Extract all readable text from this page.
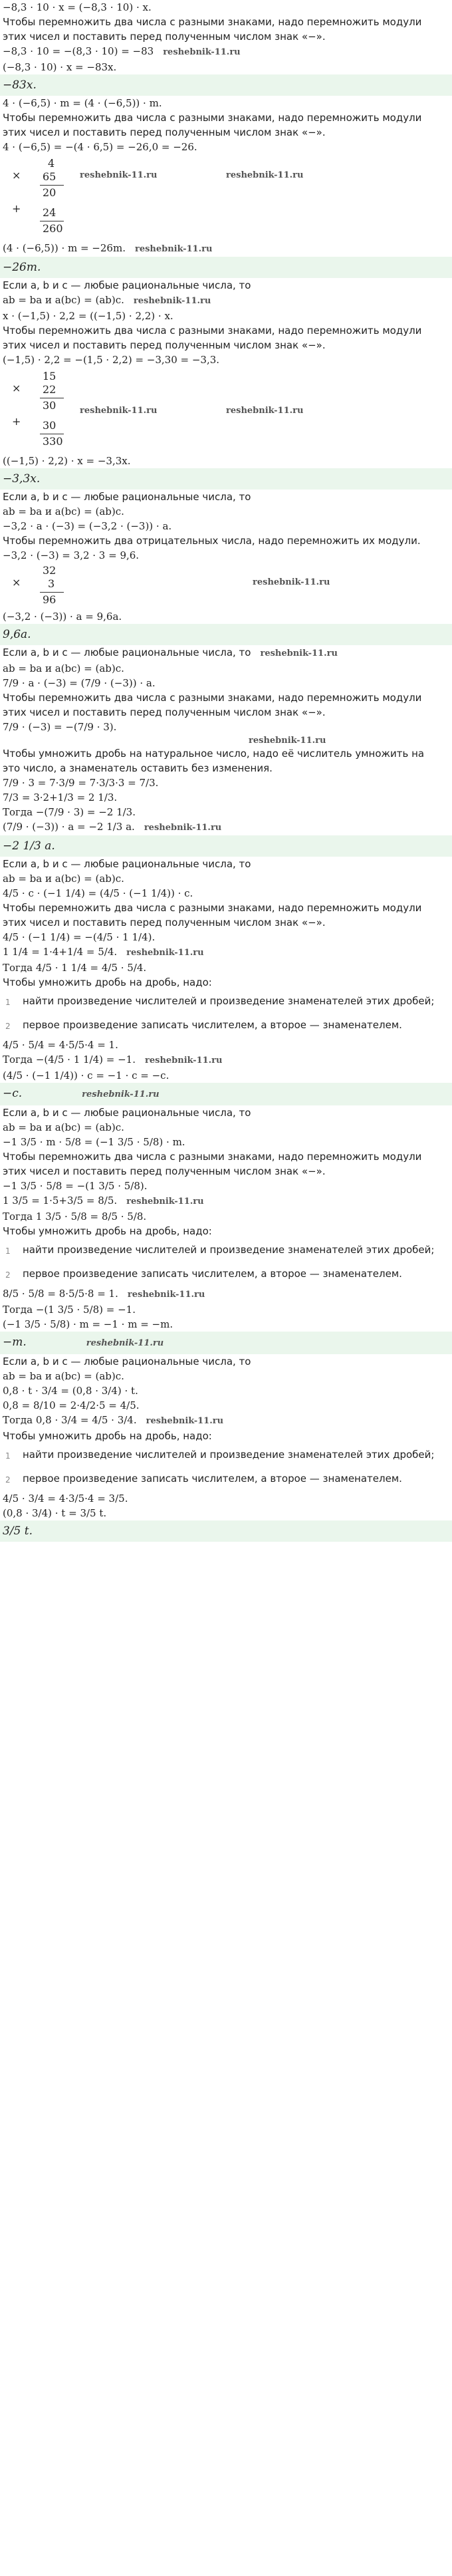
−8,3 · 10 · x = (−8,3 · 10) · x.
Чтобы перемножить два числа с разными знаками, надо перемножить модули
этих чисел и поставить перед полученным числом знак «−».
−8,3 · 10 = −(8,3 · 10) = −83 reshebnik-11.ru
(−8,3 · 10) · x = −83x.
−83x.
4 · (−6,5) · m = (4 · (−6,5)) · m.
Чтобы перемножить два числа с разными знаками, надо перемножить модули
этих чисел и поставить перед полученным числом знак «−».
4 · (−6,5) = −(4 · 6,5) = −26,0 = −26.
×
4
65
20
+ 24
260
reshebnik-11.ru	reshebnik-11.ru
(4 · (−6,5)) · m = −26m. reshebnik-11.ru
−26m.
Если a, b и c — любые рациональные числа, то
ab = ba и a(bc) = (ab)c. reshebnik-11.ru
x · (−1,5) · 2,2 = ((−1,5) · 2,2) · x.
Чтобы перемножить два числа с разными знаками, надо перемножить модули
этих чисел и поставить перед полученным числом знак «−».
(−1,5) · 2,2 = −(1,5 · 2,2) = −3,30 = −3,3.
×
15
22
30
+ 30
330
reshebnik-11.ru	reshebnik-11.ru
((−1,5) · 2,2) · x = −3,3x.
−3,3x.
Если a, b и c — любые рациональные числа, то
ab = ba и a(bc) = (ab)c.
−3,2 · a · (−3) = (−3,2 · (−3)) · a.
Чтобы перемножить два отрицательных числа, надо перемножить их модули.
−3,2 · (−3) = 3,2 · 3 = 9,6.
×
32
3
96
reshebnik-11.ru
(−3,2 · (−3)) · a = 9,6a.
9,6a.
Если a, b и c — любые рациональные числа, то reshebnik-11.ru
ab = ba и a(bc) = (ab)c.
7/9 · a · (−3) = (7/9 · (−3)) · a.
Чтобы перемножить два числа с разными знаками, надо перемножить модули
этих чисел и поставить перед полученным числом знак «−».
7/9 · (−3) = −(7/9 · 3).
reshebnik-11.ru
Чтобы умножить дробь на натуральное число, надо её числитель умножить на
это число, а знаменатель оставить без изменения.
7/9 · 3 = 7·3/9 = 7·3/3·3 = 7/3.
7/3 = 3·2+1/3 = 2 1/3.
Тогда −(7/9 · 3) = −2 1/3.
(7/9 · (−3)) · a = −2 1/3 a. reshebnik-11.ru
−2 1/3 a.
Если a, b и c — любые рациональные числа, то
ab = ba и a(bc) = (ab)c.
4/5 · c · (−1 1/4) = (4/5 · (−1 1/4)) · c.
Чтобы перемножить два числа с разными знаками, надо перемножить модули
этих чисел и поставить перед полученным числом знак «−».
4/5 · (−1 1/4) = −(4/5 · 1 1/4).
1 1/4 = 1·4+1/4 = 5/4. reshebnik-11.ru
Тогда 4/5 · 1 1/4 = 4/5 · 5/4.
Чтобы умножить дробь на дробь, надо:
1	найти произведение числителей и произведение знаменателей этих дробей;
2	первое произведение записать числителем, а второе — знаменателем.
4/5 · 5/4 = 4·5/5·4 = 1.
Тогда −(4/5 · 1 1/4) = −1. reshebnik-11.ru
(4/5 · (−1 1/4)) · c = −1 · c = −c.
−c.	reshebnik-11.ru
Если a, b и c — любые рациональные числа, то
ab = ba и a(bc) = (ab)c.
−1 3/5 · m · 5/8 = (−1 3/5 · 5/8) · m.
Чтобы перемножить два числа с разными знаками, надо перемножить модули
этих чисел и поставить перед полученным числом знак «−».
−1 3/5 · 5/8 = −(1 3/5 · 5/8).
1 3/5 = 1·5+3/5 = 8/5. reshebnik-11.ru
Тогда 1 3/5 · 5/8 = 8/5 · 5/8.
Чтобы умножить дробь на дробь, надо:
1	найти произведение числителей и произведение знаменателей этих дробей;
2	первое произведение записать числителем, а второе — знаменателем.
8/5 · 5/8 = 8·5/5·8 = 1. reshebnik-11.ru
Тогда −(1 3/5 · 5/8) = −1.
(−1 3/5 · 5/8) · m = −1 · m = −m.
−m.	reshebnik-11.ru
Если a, b и c — любые рациональные числа, то
ab = ba и a(bc) = (ab)c.
0,8 · t · 3/4 = (0,8 · 3/4) · t.
0,8 = 8/10 = 2·4/2·5 = 4/5.
Тогда 0,8 · 3/4 = 4/5 · 3/4. reshebnik-11.ru
Чтобы умножить дробь на дробь, надо:
1	найти произведение числителей и произведение знаменателей этих дробей;
2	первое произведение записать числителем, а второе — знаменателем.
4/5 · 3/4 = 4·3/5·4 = 3/5.
(0,8 · 3/4) · t = 3/5 t.
3/5 t.
